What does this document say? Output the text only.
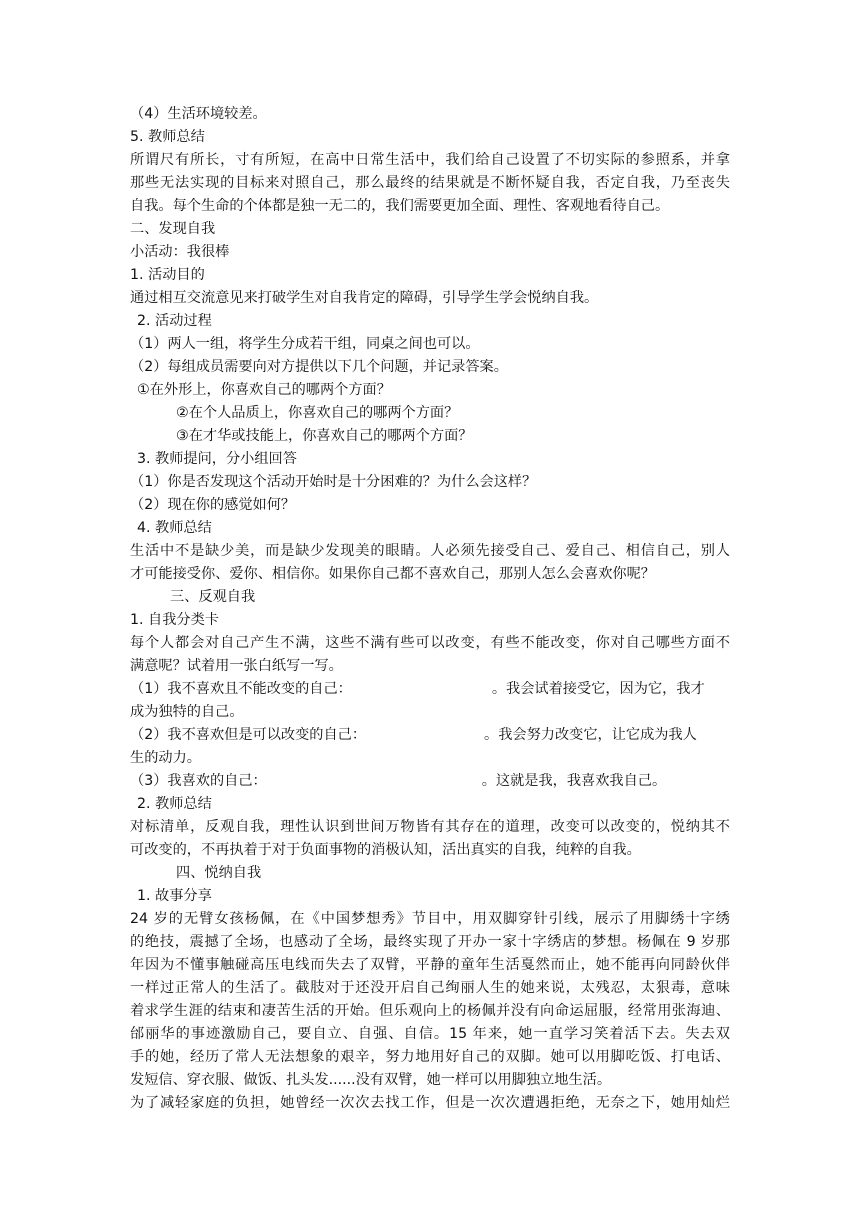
（4）生活环境较差。
5. 教师总结
所谓尺有所长，寸有所短，在高中日常生活中，我们给自己设置了不切实际的参照系，并拿
那些无法实现的目标来对照自己，那么最终的结果就是不断怀疑自我，否定自我，乃至丧失
自我。每个生命的个体都是独一无二的，我们需要更加全面、理性、客观地看待自己。
二、发现自我
小活动：我很棒
1. 活动目的
通过相互交流意见来打破学生对自我肯定的障碍，引导学生学会悦纳自我。
2. 活动过程
（1）两人一组，将学生分成若干组，同桌之间也可以。
（2）每组成员需要向对方提供以下几个问题，并记录答案。
①在外形上，你喜欢自己的哪两个方面？
②在个人品质上，你喜欢自己的哪两个方面？
③在才华或技能上，你喜欢自己的哪两个方面？
3. 教师提问，分小组回答
（1）你是否发现这个活动开始时是十分困难的？为什么会这样？
（2）现在你的感觉如何？
4. 教师总结
生活中不是缺少美，而是缺少发现美的眼睛。人必须先接受自己、爱自己、相信自己，别人
才可能接受你、爱你、相信你。如果你自己都不喜欢自己，那别人怎么会喜欢你呢？
三、反观自我
1. 自我分类卡
每个人都会对自己产生不满，这些不满有些可以改变，有些不能改变，你对自己哪些方面不
满意呢？试着用一张白纸写一写。
（1）我不喜欢且不能改变的自己：	。我会试着接受它，因为它，我才
成为独特的自己。
（2）我不喜欢但是可以改变的自己：	。我会努力改变它，让它成为我人
生的动力。
（3）我喜欢的自己：	。这就是我，我喜欢我自己。
2. 教师总结
对标清单，反观自我，理性认识到世间万物皆有其存在的道理，改变可以改变的，悦纳其不
可改变的，不再执着于对于负面事物的消极认知，活出真实的自我，纯粹的自我。
四、悦纳自我
1. 故事分享
24 岁的无臂女孩杨佩，在《中国梦想秀》节目中，用双脚穿针引线，展示了用脚绣十字绣
的绝技，震撼了全场，也感动了全场，最终实现了开办一家十字绣店的梦想。杨佩在 9 岁那
年因为不懂事触碰高压电线而失去了双臂，平静的童年生活戛然而止，她不能再向同龄伙伴
一样过正常人的生活了。截肢对于还没开启自己绚丽人生的她来说，太残忍，太狠毒，意味
着求学生涯的结束和凄苦生活的开始。但乐观向上的杨佩并没有向命运屈服，经常用张海迪、
邰丽华的事迹激励自己，要自立、自强、自信。15 年来，她一直学习笑着活下去。失去双
手的她，经历了常人无法想象的艰辛，努力地用好自己的双脚。她可以用脚吃饭、打电话、
发短信、穿衣服、做饭、扎头发......没有双臂，她一样可以用脚独立地生活。
为了减轻家庭的负担，她曾经一次次去找工作，但是一次次遭遇拒绝，无奈之下，她用灿烂
